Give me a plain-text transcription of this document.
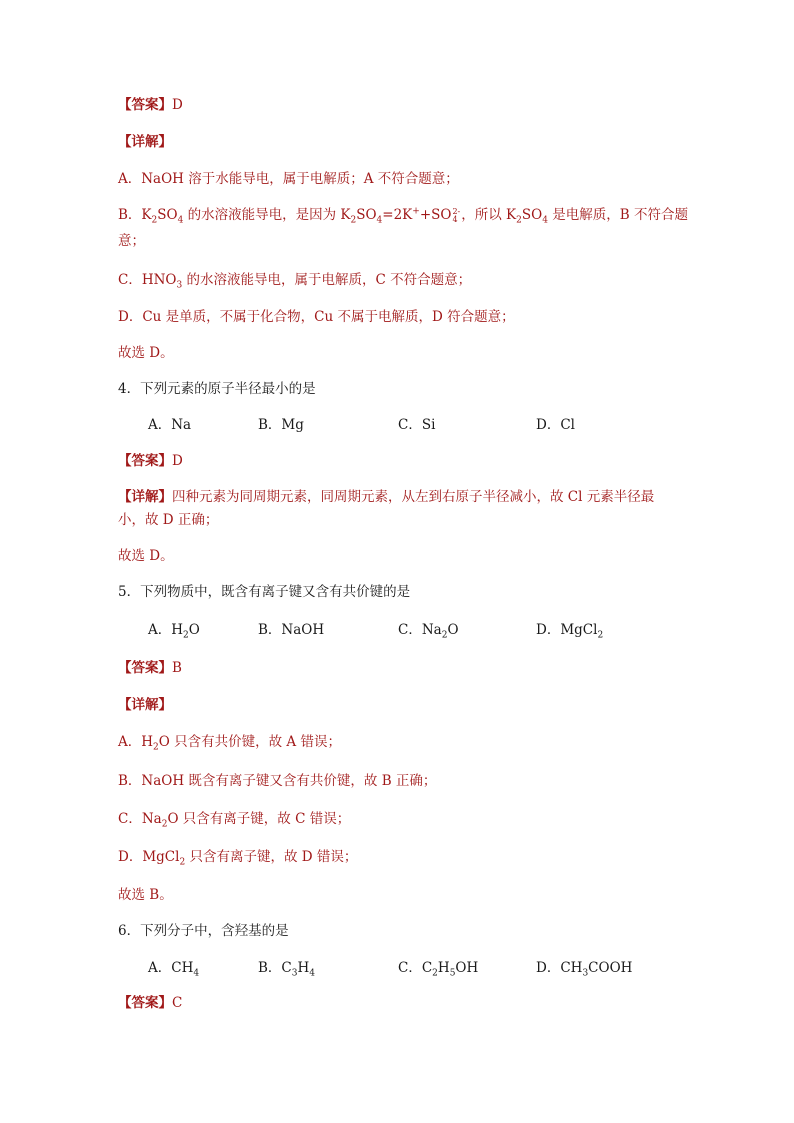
【答案】D
【详解】
A．NaOH 溶于水能导电，属于电解质；A 不符合题意；
B．$K_2SO_4$ 的水溶液能导电，是因为 $K_2SO_4=2K^++SO$ 2-
4 ，所以 $K_2SO_4$ 是电解质，B 不符合题
意；
C．$HNO_3$ 的水溶液能导电，属于电解质，C 不符合题意；
D．Cu 是单质，不属于化合物，Cu 不属于电解质，D 符合题意；
故选 D。
4．下列元素的原子半径最小的是
A．Na	B．Mg	C．Si	D．Cl
【答案】D
【详解】四种元素为同周期元素，同周期元素，从左到右原子半径减小，故 Cl 元素半径最
小，故 D 正确；
故选 D。
5．下列物质中，既含有离子键又含有共价键的是
A．$H_2O$	B．NaOH	C．$Na_2O$	D．MgCl$_2$
【答案】B
【详解】
A．$H_2O$ 只含有共价键，故 A 错误；
B．NaOH 既含有离子键又含有共价键，故 B 正确；
C．$Na_2O$ 只含有离子键，故 C 错误；
D．MgCl$_2$ 只含有离子键，故 D 错误；
故选 B。
6．下列分子中，含羟基的是
A．$CH_4$	B．$C_3H_4$	C．$C_2H_5OH$	D．$CH_3COOH$
【答案】C
